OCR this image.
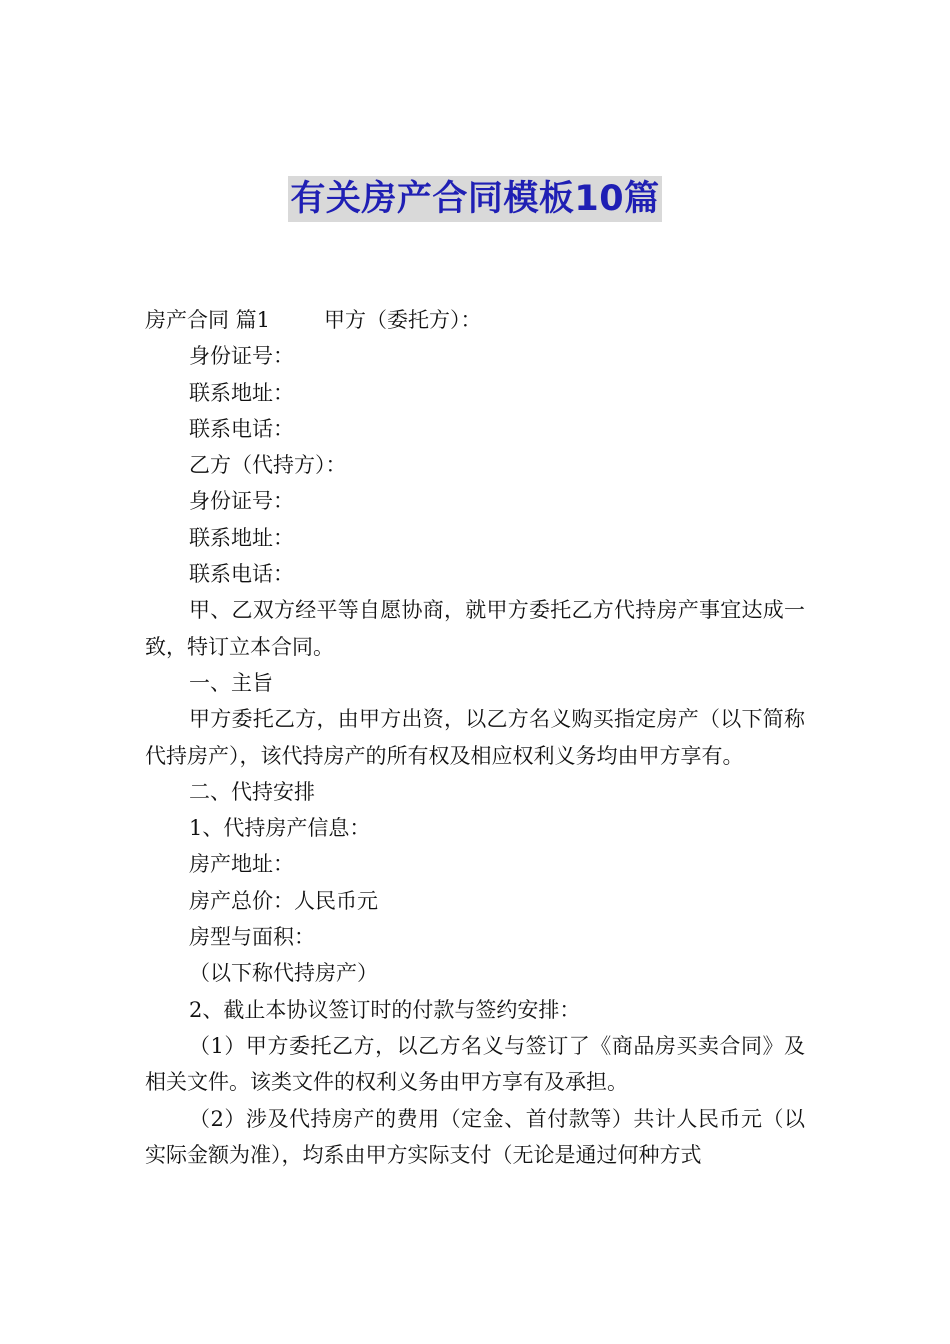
有关房产合同模板10篇

房产合同 篇1	甲方（委托方）：

身份证号：

联系地址：

联系电话：

乙方（代持方）：

身份证号：

联系地址：

联系电话：

甲、乙双方经平等自愿协商，就甲方委托乙方代持房产事宜达成一致，特订立本合同。

一、主旨

甲方委托乙方，由甲方出资，以乙方名义购买指定房产（以下简称代持房产），该代持房产的所有权及相应权利义务均由甲方享有。

二、代持安排

1、代持房产信息：

房产地址：

房产总价：人民币元

房型与面积：

（以下称代持房产）

2、截止本协议签订时的付款与签约安排：

（1）甲方委托乙方，以乙方名义与签订了《商品房买卖合同》及相关文件。该类文件的权利义务由甲方享有及承担。

（2）涉及代持房产的费用（定金、首付款等）共计人民币元（以实际金额为准），均系由甲方实际支付（无论是通过何种方式
